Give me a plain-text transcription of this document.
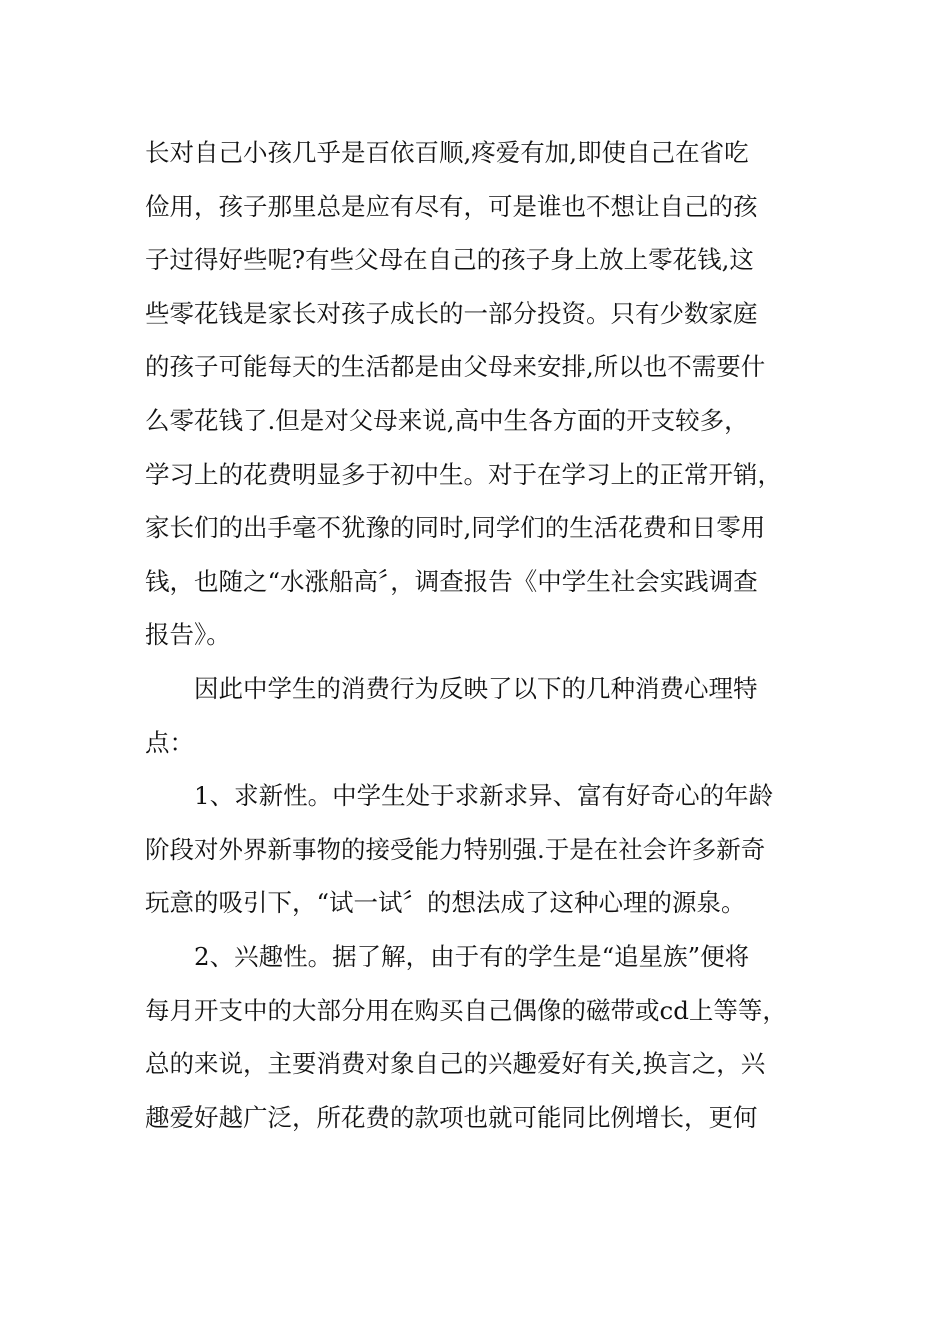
长对自己小孩几乎是百依百顺,疼爱有加,即使自己在省吃
俭用，孩子那里总是应有尽有，可是谁也不想让自己的孩
子过得好些呢?有些父母在自己的孩子身上放上零花钱,这
些零花钱是家长对孩子成长的一部分投资。只有少数家庭
的孩子可能每天的生活都是由父母来安排,所以也不需要什
么零花钱了.但是对父母来说,高中生各方面的开支较多，
学习上的花费明显多于初中生。对于在学习上的正常开销，
家长们的出手毫不犹豫的同时,同学们的生活花费和日零用
钱，也随之“水涨船高〞，调查报告《中学生社会实践调查
报告》。
因此中学生的消费行为反映了以下的几种消费心理特
点：
1、求新性。中学生处于求新求异、富有好奇心的年龄
阶段对外界新事物的接受能力特别强.于是在社会许多新奇
玩意的吸引下，“试一试〞的想法成了这种心理的源泉。
2、兴趣性。据了解，由于有的学生是“追星族”便将
每月开支中的大部分用在购买自己偶像的磁带或cd上等等，
总的来说，主要消费对象自己的兴趣爱好有关,换言之，兴
趣爱好越广泛，所花费的款项也就可能同比例增长，更何
